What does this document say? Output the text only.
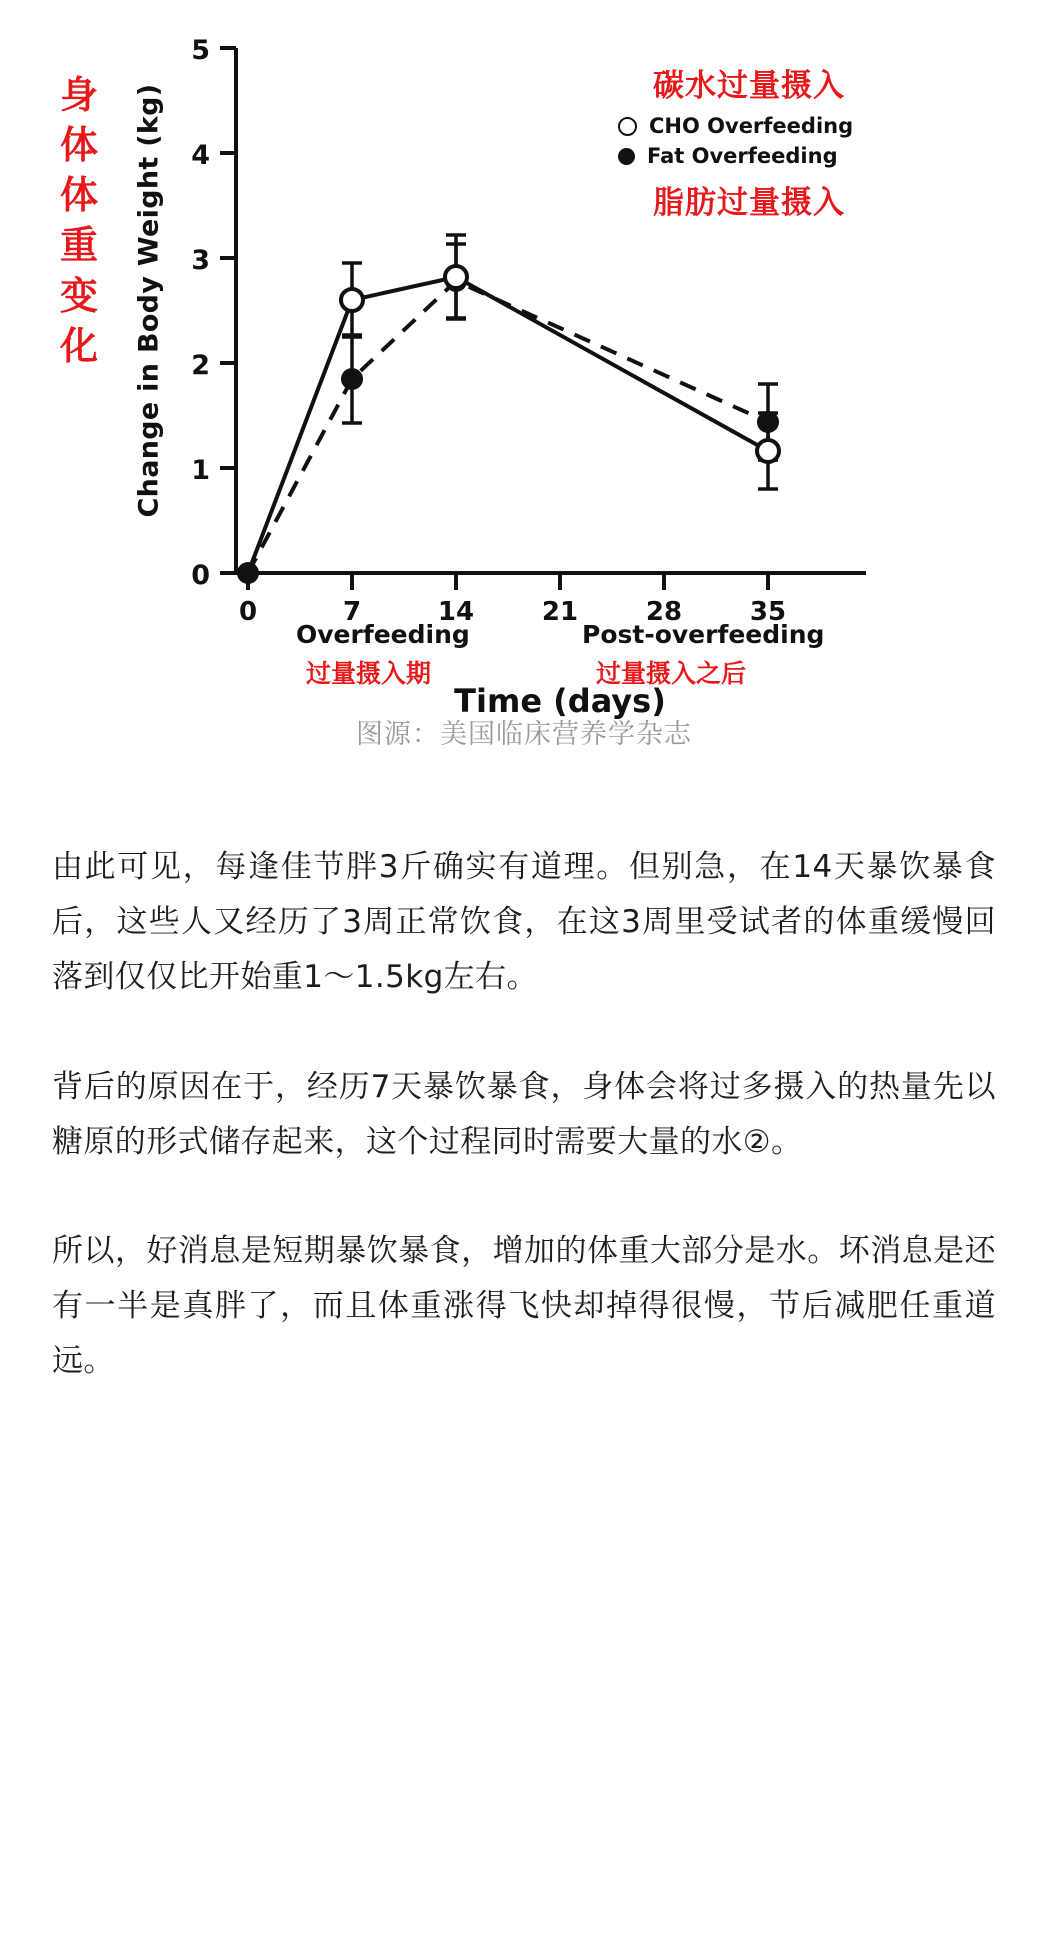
身
体
体
重
变
化	Change in Body Weight (kg)
0
1
2
3
4
5
0	7	14	21	28	35
碳水过量摄入
CHO Overfeeding
Fat Overfeeding
脂肪过量摄入
Overfeeding
过量摄入期
Post-overfeeding
过量摄入之后
Time (days)
图源：美国临床营养学杂志

由此可见，每逢佳节胖3斤确实有道理。但别急，在14天暴饮暴食后，这些人又经历了3周正常饮食，在这3周里受试者的体重缓慢回落到仅仅比开始重1～1.5kg左右。

背后的原因在于，经历7天暴饮暴食，身体会将过多摄入的热量先以糖原的形式储存起来，这个过程同时需要大量的水②。

所以，好消息是短期暴饮暴食，增加的体重大部分是水。坏消息是还有一半是真胖了，而且体重涨得飞快却掉得很慢，节后减肥任重道远。
